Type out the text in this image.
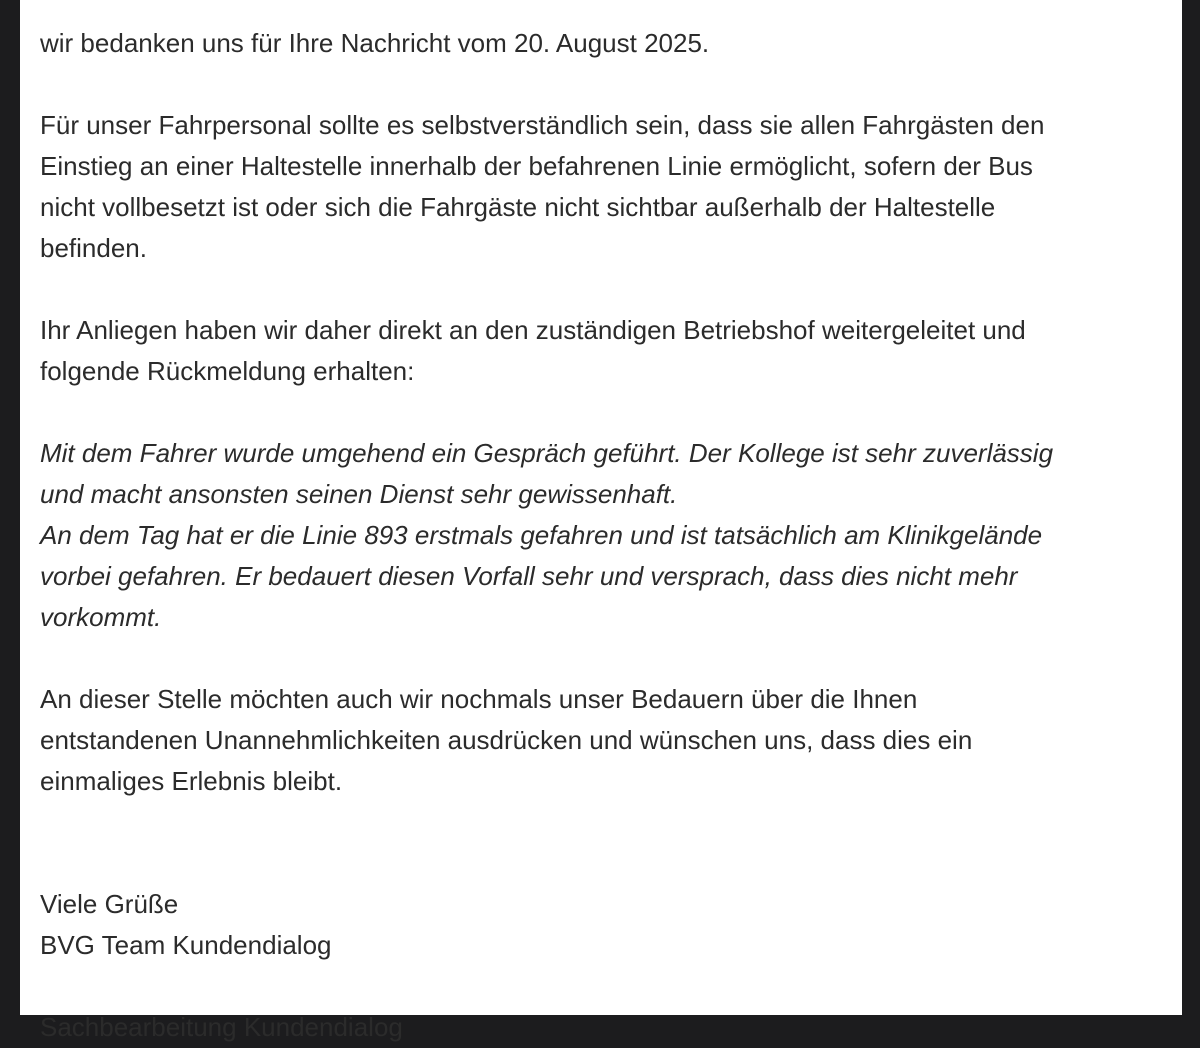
wir bedanken uns für Ihre Nachricht vom 20. August 2025.

Für unser Fahrpersonal sollte es selbstverständlich sein, dass sie allen Fahrgästen den
Einstieg an einer Haltestelle innerhalb der befahrenen Linie ermöglicht, sofern der Bus
nicht vollbesetzt ist oder sich die Fahrgäste nicht sichtbar außerhalb der Haltestelle
befinden.

Ihr Anliegen haben wir daher direkt an den zuständigen Betriebshof weitergeleitet und
folgende Rückmeldung erhalten:

Mit dem Fahrer wurde umgehend ein Gespräch geführt. Der Kollege ist sehr zuverlässig
und macht ansonsten seinen Dienst sehr gewissenhaft.
An dem Tag hat er die Linie 893 erstmals gefahren und ist tatsächlich am Klinikgelände
vorbei gefahren. Er bedauert diesen Vorfall sehr und versprach, dass dies nicht mehr
vorkommt.

An dieser Stelle möchten auch wir nochmals unser Bedauern über die Ihnen
entstandenen Unannehmlichkeiten ausdrücken und wünschen uns, dass dies ein
einmaliges Erlebnis bleibt.

Viele Grüße
BVG Team Kundendialog

Sachbearbeitung Kundendialog
